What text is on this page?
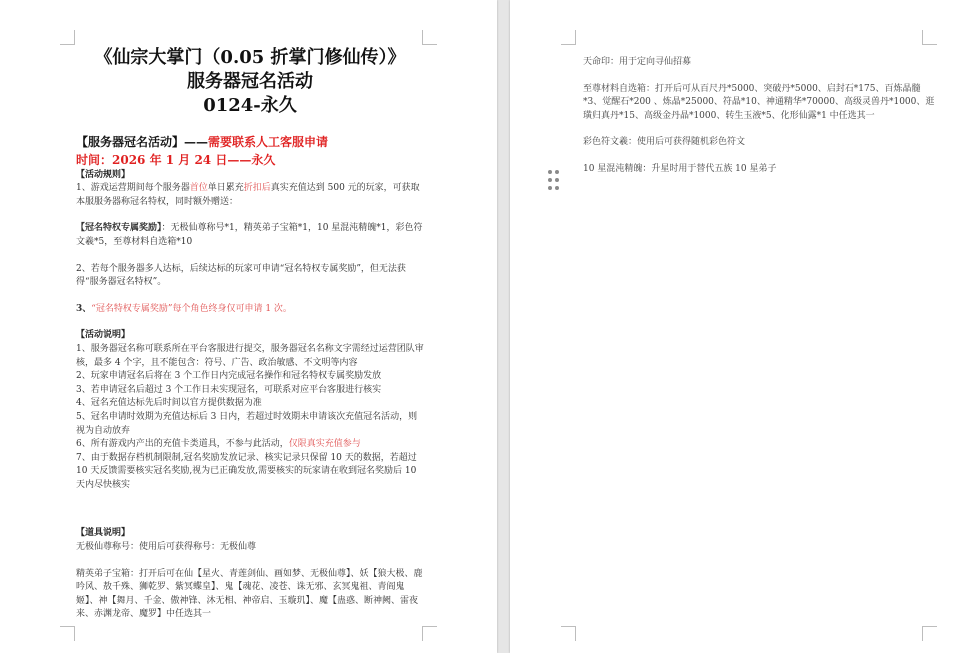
《仙宗大掌门（0.05 折掌门修仙传）》
服务器冠名活动
0124-永久

【服务器冠名活动】——需要联系人工客服申请

时间：2026 年 1 月 24 日——永久

【活动规则】

1、游戏运营期间每个服务器首位单日累充折扣后真实充值达到 500 元的玩家，可获取本服服务器称冠名特权，同时额外赠送：

【冠名特权专属奖励】：无极仙尊称号*1，精英弟子宝箱*1，10 星混沌精魄*1，彩色符文羲*5，至尊材料自选箱*10

2、若每个服务器多人达标，后续达标的玩家可申请“冠名特权专属奖励”，但无法获得“服务器冠名特权”。

3、“冠名特权专属奖励”每个角色终身仅可申请 1 次。

【活动说明】

1、服务器冠名称可联系所在平台客服进行提交，服务器冠名名称文字需经过运营团队审核，最多 4 个字，且不能包含：符号、广告、政治敏感、不文明等内容

2、玩家申请冠名后将在 3 个工作日内完成冠名操作和冠名特权专属奖励发放

3、若申请冠名后超过 3 个工作日未实现冠名，可联系对应平台客服进行核实

4、冠名充值达标先后时间以官方提供数据为准

5、冠名申请时效期为充值达标后 3 日内，若超过时效期未申请该次充值冠名活动，则视为自动放弃

6、所有游戏内产出的充值卡类道具，不参与此活动，仅限真实充值参与

7、由于数据存档机制限制,冠名奖励发放记录、核实记录只保留 10 天的数据，若超过 10 天反馈需要核实冠名奖励,视为已正确发放,需要核实的玩家请在收到冠名奖励后 10 天内尽快核实

【道具说明】

无极仙尊称号：使用后可获得称号：无极仙尊

精英弟子宝箱：打开后可在仙【星火、青莲剑仙、画如梦、无极仙尊】、妖【狼大极、鹿吟风、敖千殊、狮乾罗、紫冥蝶皇】、鬼【魂花、凌苍、诛无邪、玄冥鬼祖、青阎鬼姬】、神【舞月、千金、傲神锋、沐无相、神帝启、玉璇玑】、魔【蛊惑、断神阙、雷夜来、赤渊龙帝、魔罗】中任选其一

天命印：用于定向寻仙招募

至尊材料自选箱：打开后可从百尺丹*5000、突破丹*5000、启封石*175、百炼晶髓*3、觉醒石*200 、炼晶*25000、符晶*10、神通精华*70000、高级灵兽丹*1000、逛璜归真丹*15、高级金丹晶*1000、转生玉液*5、化形仙露*1 中任选其一

彩色符文羲：使用后可获得随机彩色符文

10 星混沌精魄：升星时用于替代五族 10 星弟子
